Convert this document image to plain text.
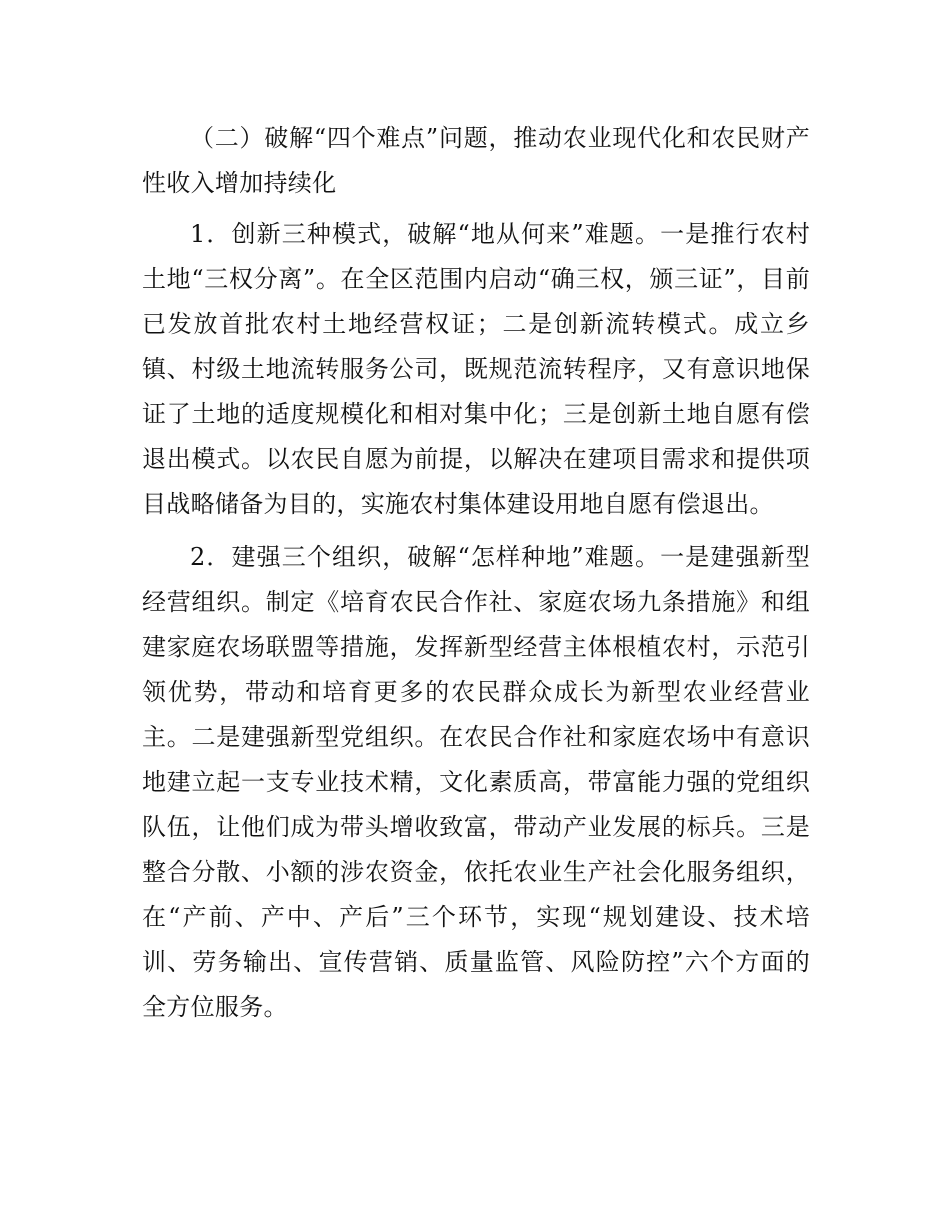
（二）破解“四个难点”问题，推动农业现代化和农民财产性收入增加持续化

1．创新三种模式，破解“地从何来”难题。一是推行农村土地“三权分离”。在全区范围内启动“确三权，颁三证”，目前已发放首批农村土地经营权证；二是创新流转模式。成立乡镇、村级土地流转服务公司，既规范流转程序，又有意识地保证了土地的适度规模化和相对集中化；三是创新土地自愿有偿退出模式。以农民自愿为前提，以解决在建项目需求和提供项目战略储备为目的，实施农村集体建设用地自愿有偿退出。

2．建强三个组织，破解“怎样种地”难题。一是建强新型经营组织。制定《培育农民合作社、家庭农场九条措施》和组建家庭农场联盟等措施，发挥新型经营主体根植农村，示范引领优势，带动和培育更多的农民群众成长为新型农业经营业主。二是建强新型党组织。在农民合作社和家庭农场中有意识地建立起一支专业技术精，文化素质高，带富能力强的党组织队伍，让他们成为带头增收致富，带动产业发展的标兵。三是整合分散、小额的涉农资金，依托农业生产社会化服务组织，在“产前、产中、产后”三个环节，实现“规划建设、技术培训、劳务输出、宣传营销、质量监管、风险防控”六个方面的全方位服务。
